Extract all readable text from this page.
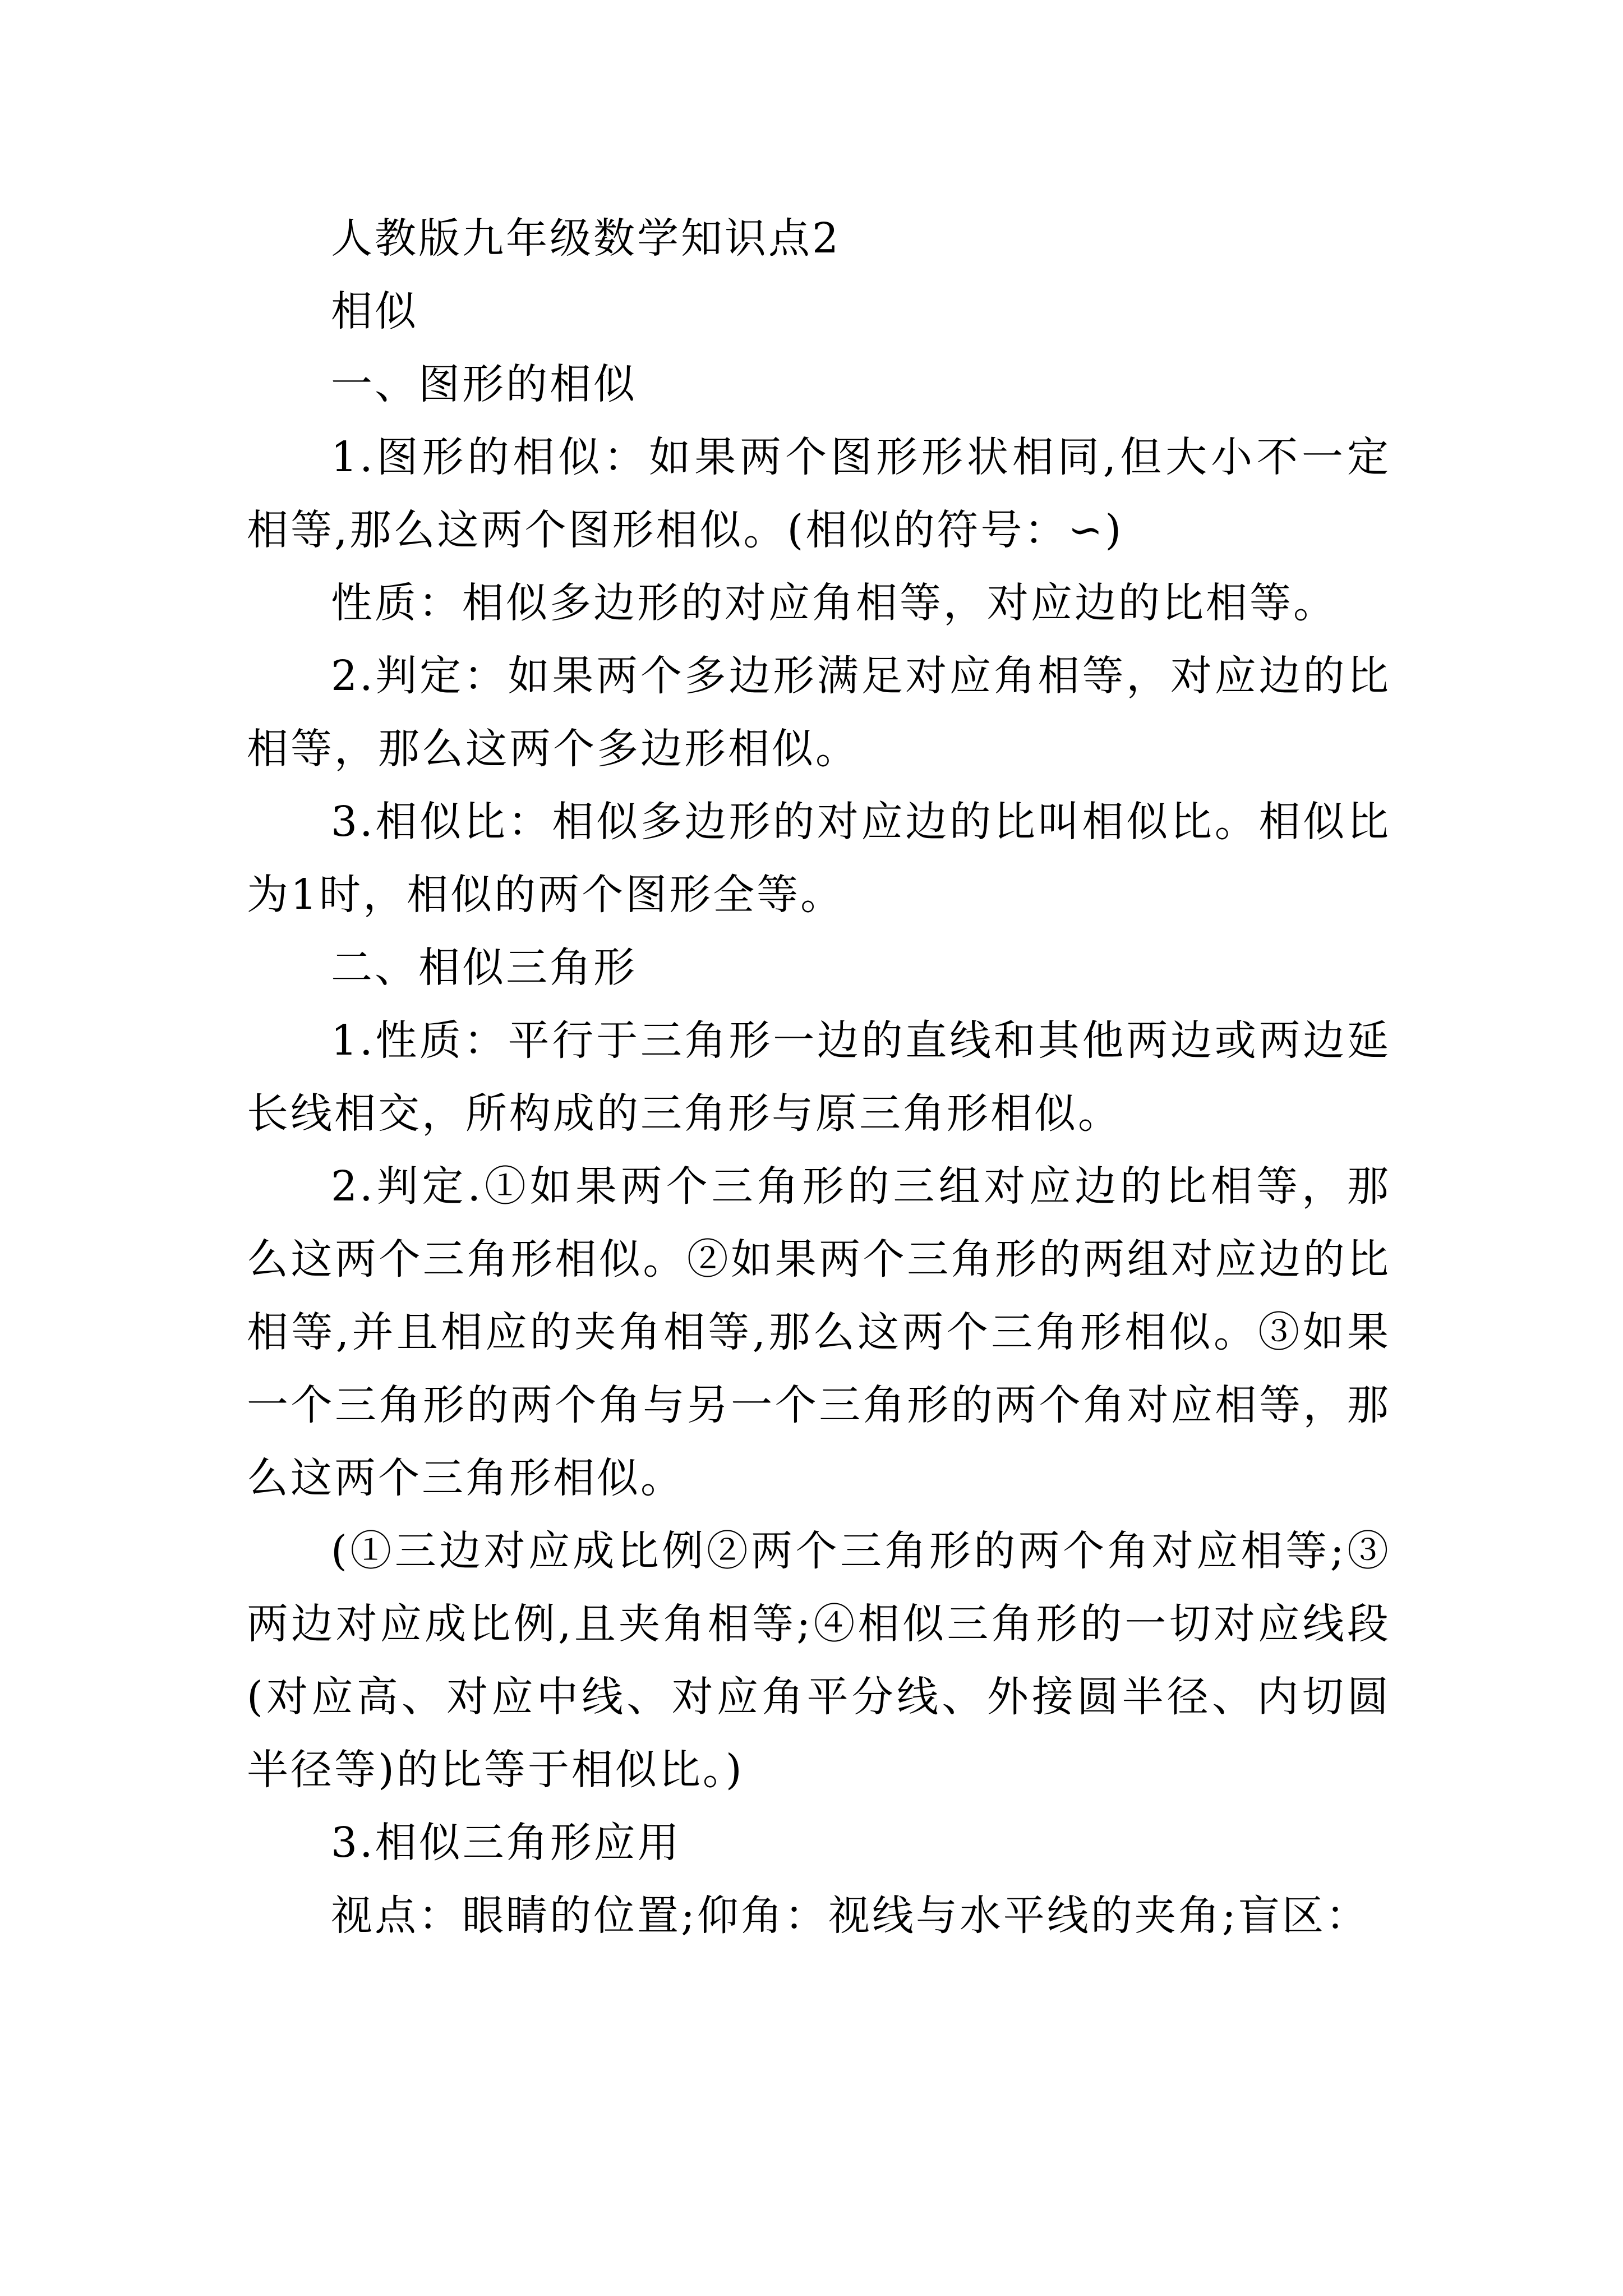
人教版九年级数学知识点2

相似

一、图形的相似

1.图形的相似：如果两个图形形状相同,但大小不一定相等,那么这两个图形相似。(相似的符号：∽)

性质：相似多边形的对应角相等，对应边的比相等。

2.判定：如果两个多边形满足对应角相等，对应边的比相等，那么这两个多边形相似。

3.相似比：相似多边形的对应边的比叫相似比。相似比为1时，相似的两个图形全等。

二、相似三角形

1.性质：平行于三角形一边的直线和其他两边或两边延长线相交，所构成的三角形与原三角形相似。

2.判定.①如果两个三角形的三组对应边的比相等，那么这两个三角形相似。②如果两个三角形的两组对应边的比相等,并且相应的夹角相等,那么这两个三角形相似。③如果一个三角形的两个角与另一个三角形的两个角对应相等，那么这两个三角形相似。

(①三边对应成比例②两个三角形的两个角对应相等;③两边对应成比例,且夹角相等;④相似三角形的一切对应线段(对应高、对应中线、对应角平分线、外接圆半径、内切圆半径等)的比等于相似比。)

3.相似三角形应用

视点：眼睛的位置;仰角：视线与水平线的夹角;盲区：
